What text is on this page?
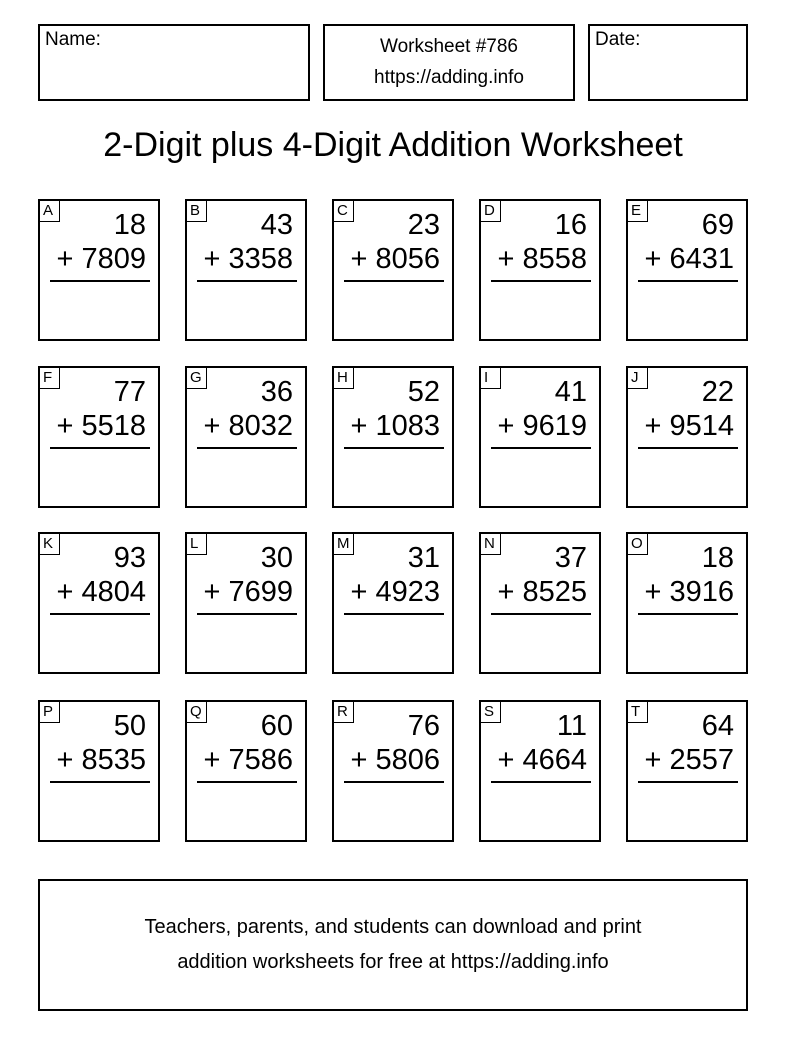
Name:	Worksheet #786
https://adding.info
Date:
2-Digit plus 4-Digit Addition Worksheet
A 18
+ 7809
B 43
+ 3358
C 23
+ 8056
D 16
+ 8558
E 69
+ 6431
F 77
+ 5518
G 36
+ 8032
H 52
+ 1083
I	41
+ 9619
J	22
+ 9514
K 93
+ 4804
L 30
+ 7699
M 31
+ 4923
N 37
+ 8525
O 18
+ 3916
P 50
+ 8535
Q 60
+ 7586
R 76
+ 5806
S 11
+ 4664
T 64
+ 2557
Teachers, parents, and students can download and print
addition worksheets for free at https://adding.info
